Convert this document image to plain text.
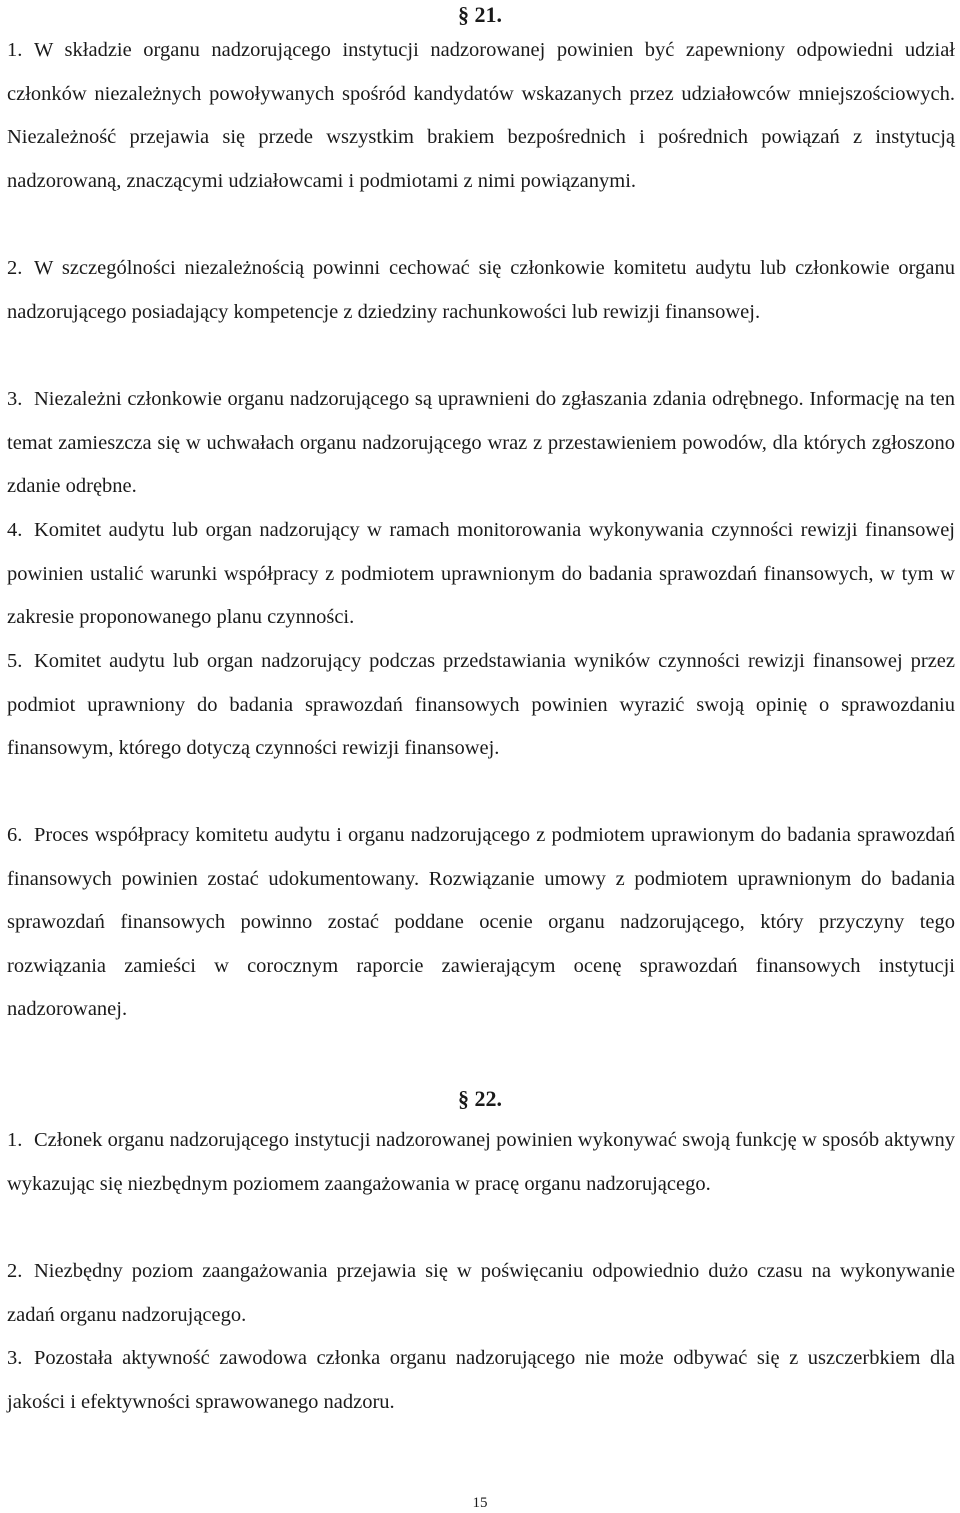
§ 21.

1. W składzie organu nadzorującego instytucji nadzorowanej powinien być zapewniony odpowiedni udział członków niezależnych powoływanych spośród kandydatów wskazanych przez udziałowców mniejszościowych. Niezależność przejawia się przede wszystkim brakiem bezpośrednich i pośrednich powiązań z instytucją nadzorowaną, znaczącymi udziałowcami i podmiotami z nimi powiązanymi.

2. W szczególności niezależnością powinni cechować się członkowie komitetu audytu lub członkowie organu nadzorującego posiadający kompetencje z dziedziny rachunkowości lub rewizji finansowej.

3. Niezależni członkowie organu nadzorującego są uprawnieni do zgłaszania zdania odrębnego. Informację na ten temat zamieszcza się w uchwałach organu nadzorującego wraz z przestawieniem powodów, dla których zgłoszono zdanie odrębne.

4. Komitet audytu lub organ nadzorujący w ramach monitorowania wykonywania czynności rewizji finansowej powinien ustalić warunki współpracy z podmiotem uprawnionym do badania sprawozdań finansowych, w tym w zakresie proponowanego planu czynności.

5. Komitet audytu lub organ nadzorujący podczas przedstawiania wyników czynności rewizji finansowej przez podmiot uprawniony do badania sprawozdań finansowych powinien wyrazić swoją opinię o sprawozdaniu finansowym, którego dotyczą czynności rewizji finansowej.

6. Proces współpracy komitetu audytu i organu nadzorującego z podmiotem uprawionym do badania sprawozdań finansowych powinien zostać udokumentowany. Rozwiązanie umowy z podmiotem uprawnionym do badania sprawozdań finansowych powinno zostać poddane ocenie organu nadzorującego, który przyczyny tego rozwiązania zamieści w corocznym raporcie zawierającym ocenę sprawozdań finansowych instytucji nadzorowanej.

§ 22.

1. Członek organu nadzorującego instytucji nadzorowanej powinien wykonywać swoją funkcję w sposób aktywny wykazując się niezbędnym poziomem zaangażowania w pracę organu nadzorującego.

2. Niezbędny poziom zaangażowania przejawia się w poświęcaniu odpowiednio dużo czasu na wykonywanie zadań organu nadzorującego.

3. Pozostała aktywność zawodowa członka organu nadzorującego nie może odbywać się z uszczerbkiem dla jakości i efektywności sprawowanego nadzoru.

15
